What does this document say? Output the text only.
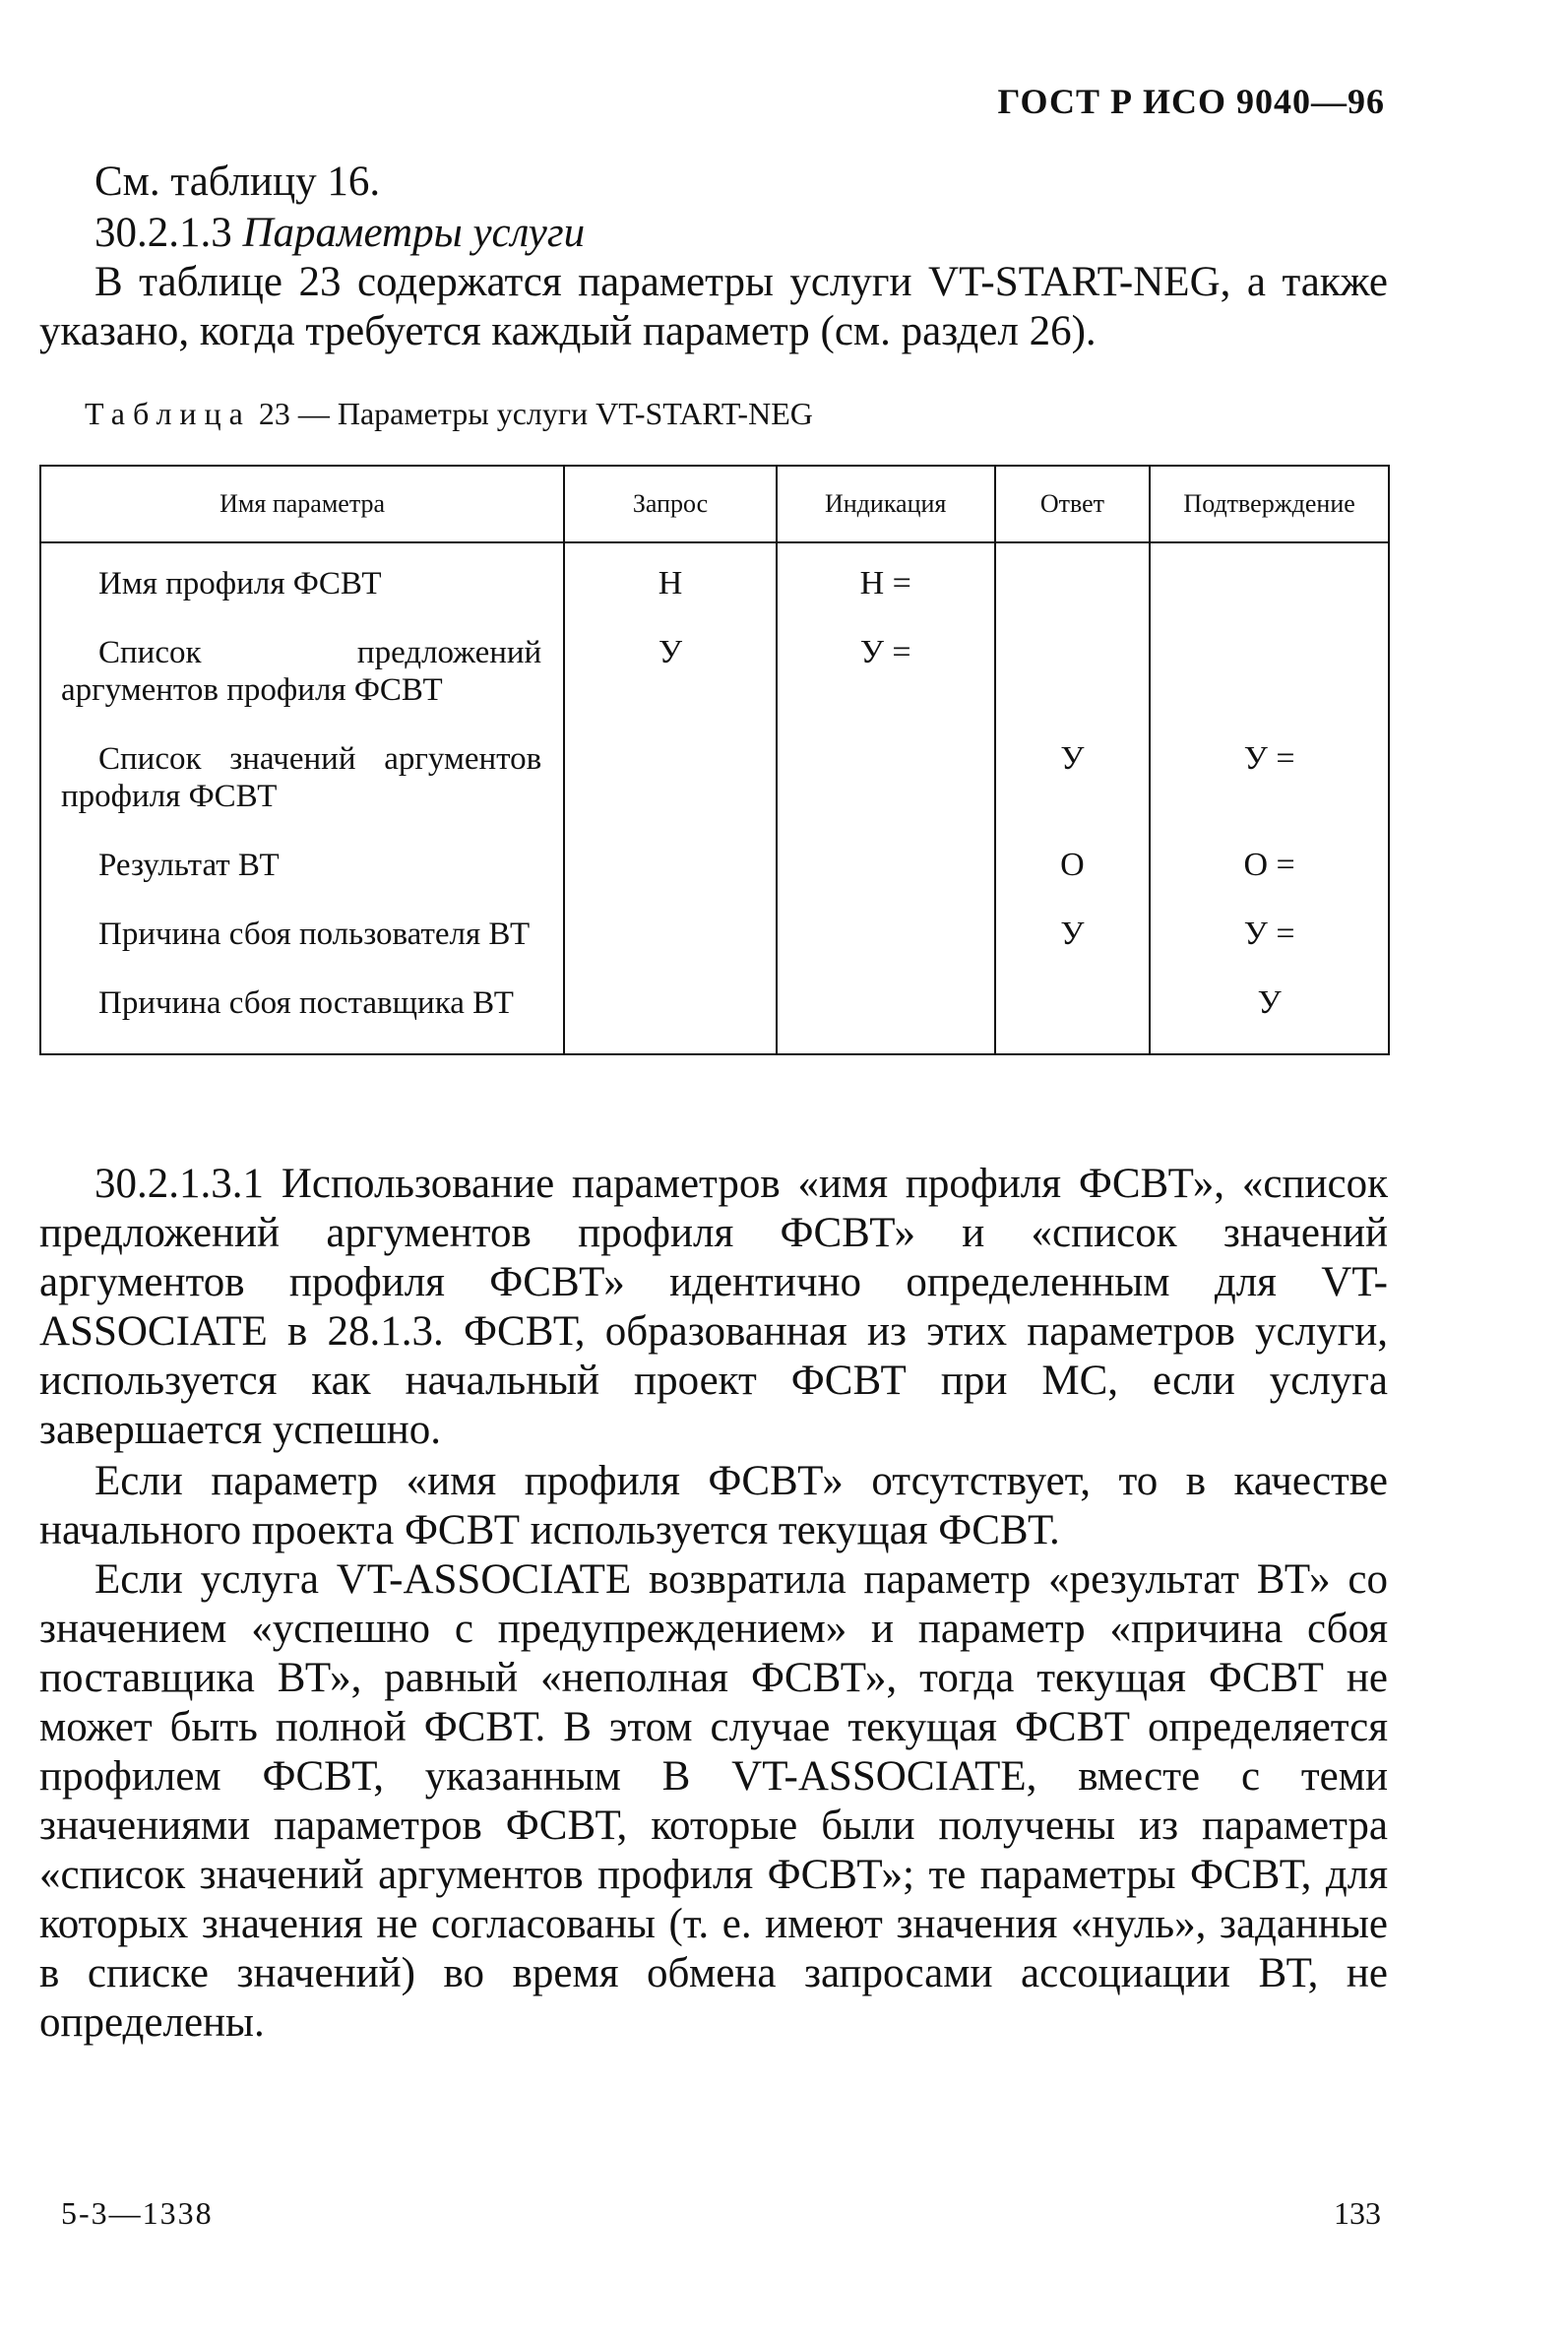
ГОСТ Р ИСО 9040—96
См. таблицу 16.
30.2.1.3 Параметры услуги
В таблице 23 содержатся параметры услуги VT-START-NEG, а также указано, когда требуется каждый параметр (см. раздел 26).
Таблица 23 — Параметры услуги VT-START-NEG
Имя параметра	Запрос	Индикация	Ответ	Подтверждение
Имя профиля ФСВТ	Н	Н =		
Список предложений аргументов профиля ФСВТ	У	У =		
Список значений аргументов профиля ФСВТ			У	У =
Результат ВТ			О	О =
Причина сбоя пользователя ВТ			У	У =
Причина сбоя поставщика ВТ				У
30.2.1.3.1 Использование параметров «имя профиля ФСВТ», «список предложений аргументов профиля ФСВТ» и «список значений аргументов профиля ФСВТ» идентично определенным для VT-ASSOCIATE в 28.1.3. ФСВТ, образованная из этих параметров услуги, используется как начальный проект ФСВТ при МС, если услуга завершается успешно.
Если параметр «имя профиля ФСВТ» отсутствует, то в качестве начального проекта ФСВТ используется текущая ФСВТ.
Если услуга VT-ASSOCIATE возвратила параметр «результат ВТ» со значением «успешно с предупреждением» и параметр «причина сбоя поставщика ВТ», равный «неполная ФСВТ», тогда текущая ФСВТ не может быть полной ФСВТ. В этом случае текущая ФСВТ определяется профилем ФСВТ, указанным В VT-ASSOCIATE, вместе с теми значениями параметров ФСВТ, которые были получены из параметра «список значений аргументов профиля ФСВТ»; те параметры ФСВТ, для которых значения не согласованы (т. е. имеют значения «нуль», заданные в списке значений) во время обмена запросами ассоциации ВТ, не определены.
5-3—1338	133
